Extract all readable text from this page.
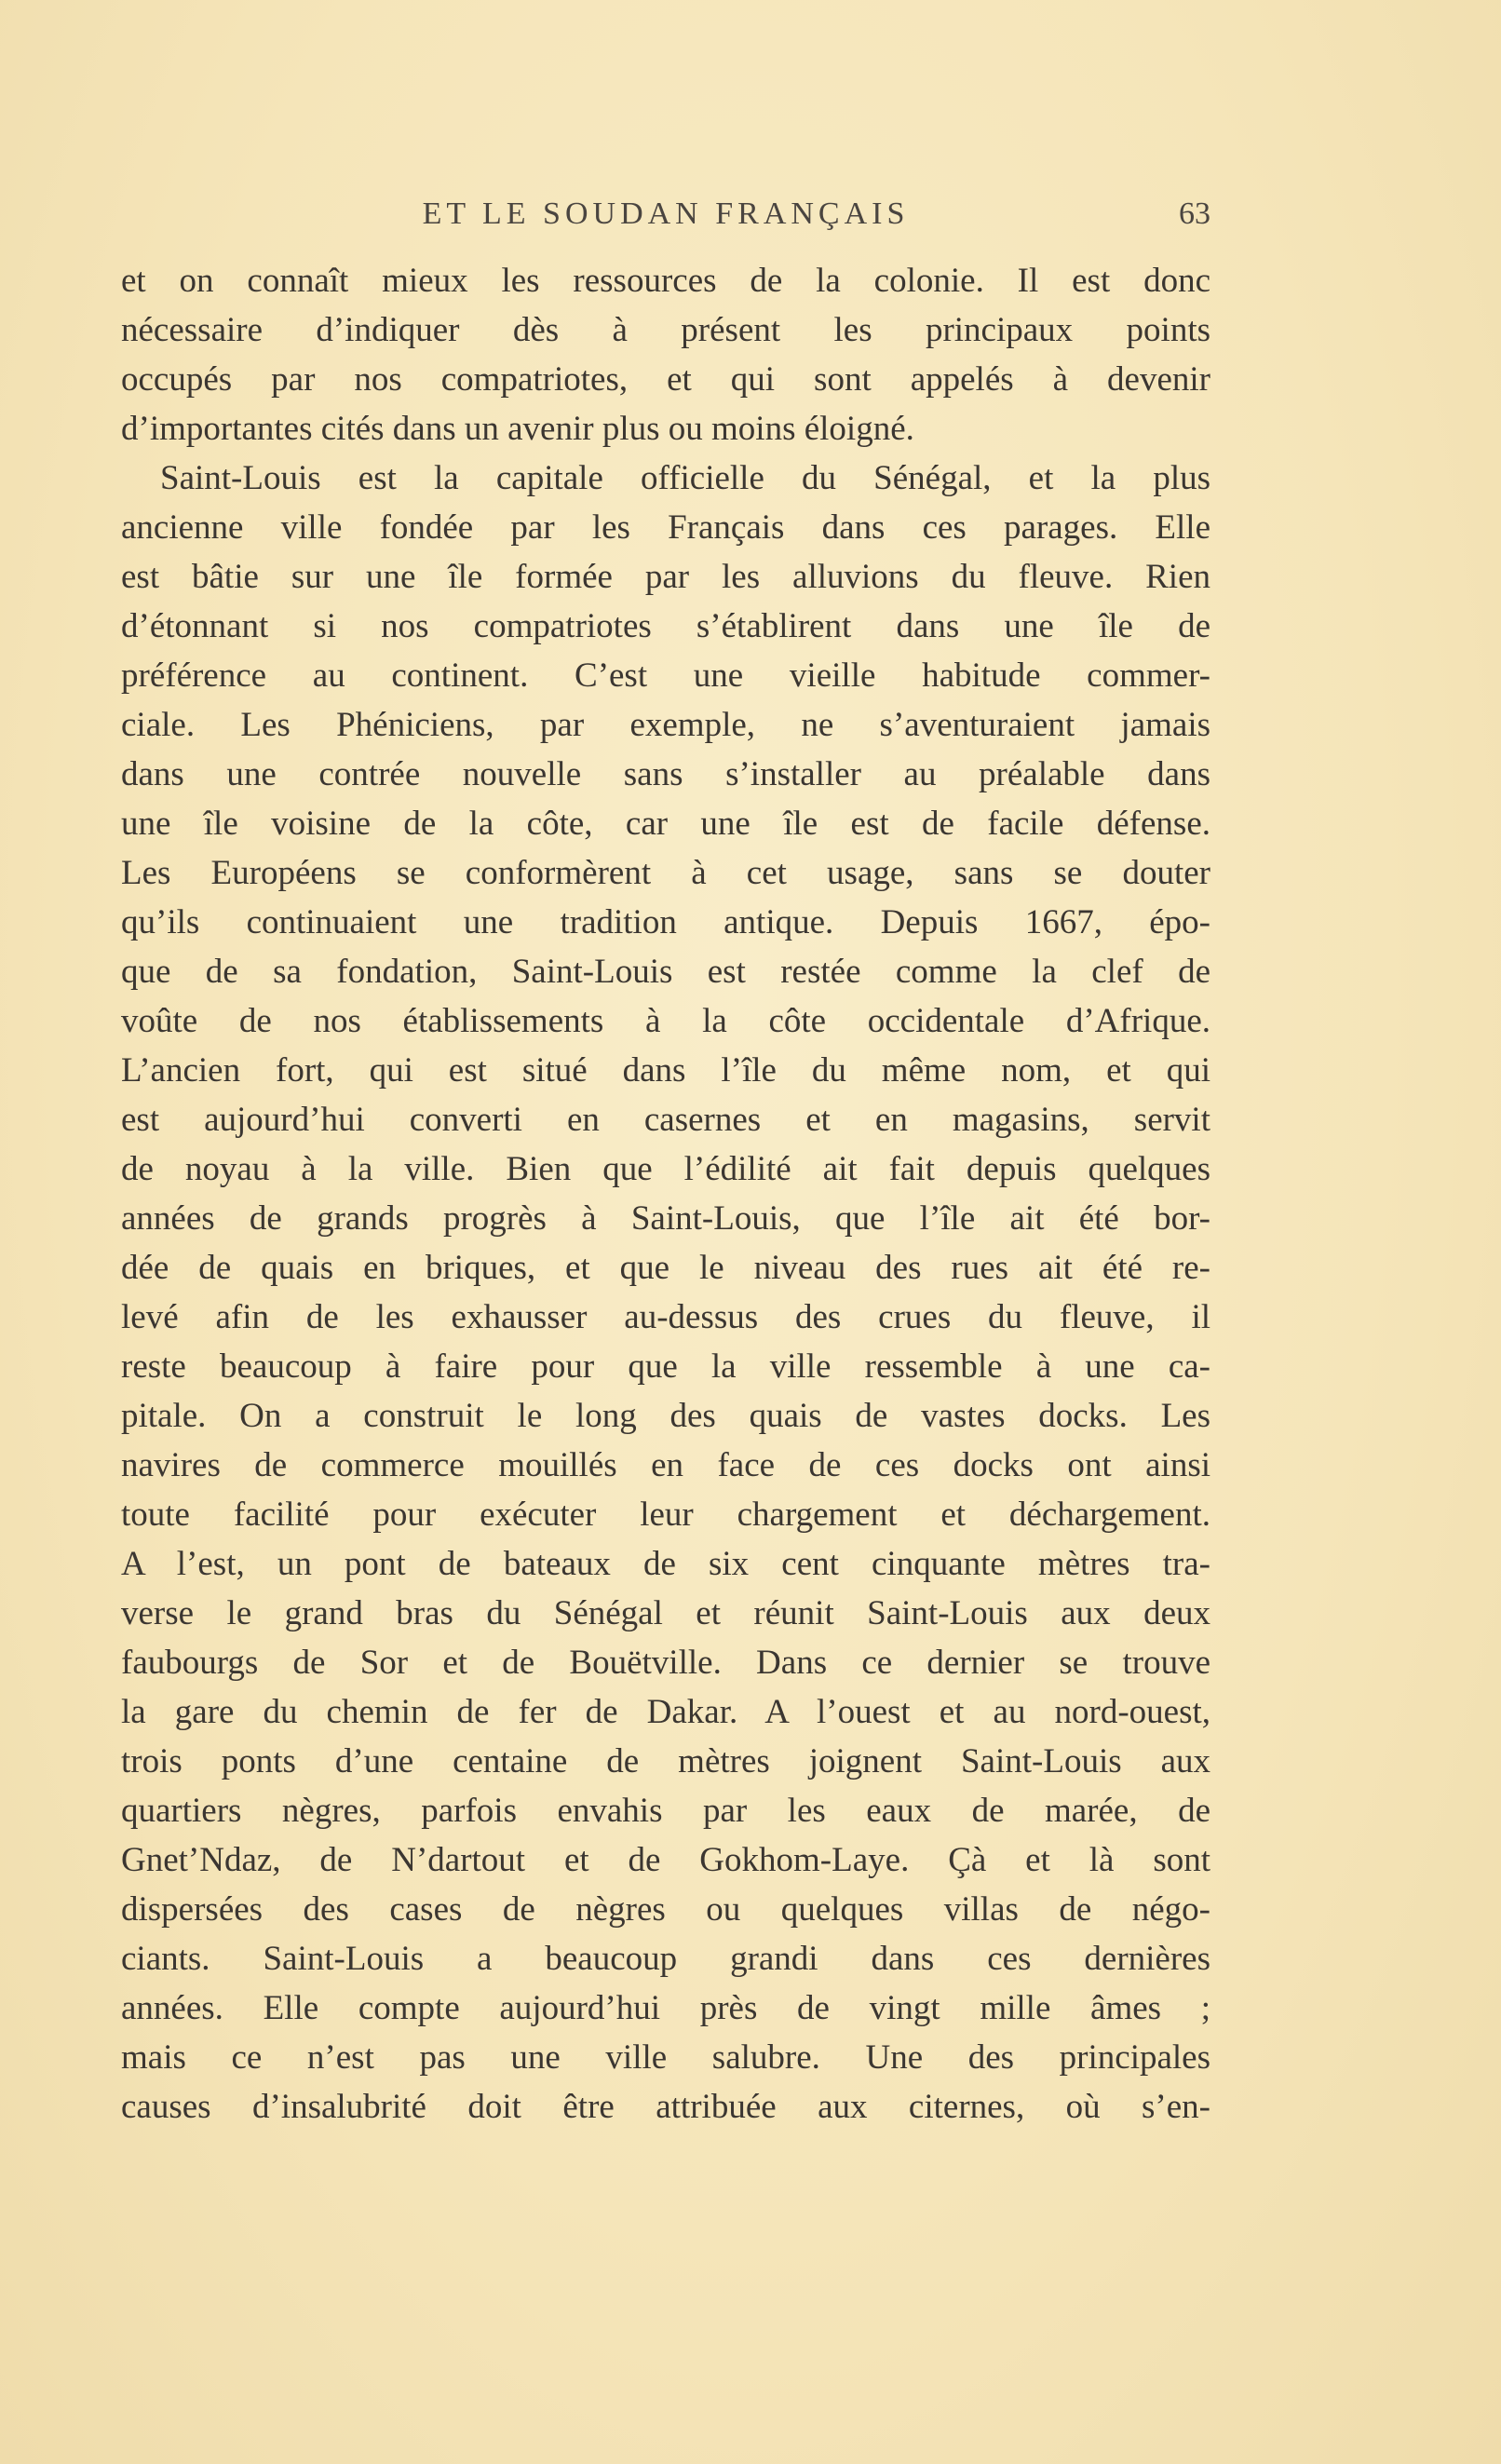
ET LE SOUDAN FRANÇAIS	63
et on connaît mieux les ressources de la colonie. Il est donc
nécessaire d’indiquer dès à présent les principaux points
occupés par nos compatriotes, et qui sont appelés à devenir
d’importantes cités dans un avenir plus ou moins éloigné.
Saint-Louis est la capitale officielle du Sénégal, et la plus
ancienne ville fondée par les Français dans ces parages. Elle
est bâtie sur une île formée par les alluvions du fleuve. Rien
d’étonnant si nos compatriotes s’établirent dans une île de
préférence au continent. C’est une vieille habitude commer-
ciale. Les Phéniciens, par exemple, ne s’aventuraient jamais
dans une contrée nouvelle sans s’installer au préalable dans
une île voisine de la côte, car une île est de facile défense.
Les Européens se conformèrent à cet usage, sans se douter
qu’ils continuaient une tradition antique. Depuis 1667, épo-
que de sa fondation, Saint-Louis est restée comme la clef de
voûte de nos établissements à la côte occidentale d’Afrique.
L’ancien fort, qui est situé dans l’île du même nom, et qui
est aujourd’hui converti en casernes et en magasins, servit
de noyau à la ville. Bien que l’édilité ait fait depuis quelques
années de grands progrès à Saint-Louis, que l’île ait été bor-
dée de quais en briques, et que le niveau des rues ait été re-
levé afin de les exhausser au-dessus des crues du fleuve, il
reste beaucoup à faire pour que la ville ressemble à une ca-
pitale. On a construit le long des quais de vastes docks. Les
navires de commerce mouillés en face de ces docks ont ainsi
toute facilité pour exécuter leur chargement et déchargement.
A l’est, un pont de bateaux de six cent cinquante mètres tra-
verse le grand bras du Sénégal et réunit Saint-Louis aux deux
faubourgs de Sor et de Bouëtville. Dans ce dernier se trouve
la gare du chemin de fer de Dakar. A l’ouest et au nord-ouest,
trois ponts d’une centaine de mètres joignent Saint-Louis aux
quartiers nègres, parfois envahis par les eaux de marée, de
Gnet’Ndaz, de N’dartout et de Gokhom-Laye. Çà et là sont
dispersées des cases de nègres ou quelques villas de négo-
ciants. Saint-Louis a beaucoup grandi dans ces dernières
années. Elle compte aujourd’hui près de vingt mille âmes ;
mais ce n’est pas une ville salubre. Une des principales
causes d’insalubrité doit être attribuée aux citernes, où s’en-
